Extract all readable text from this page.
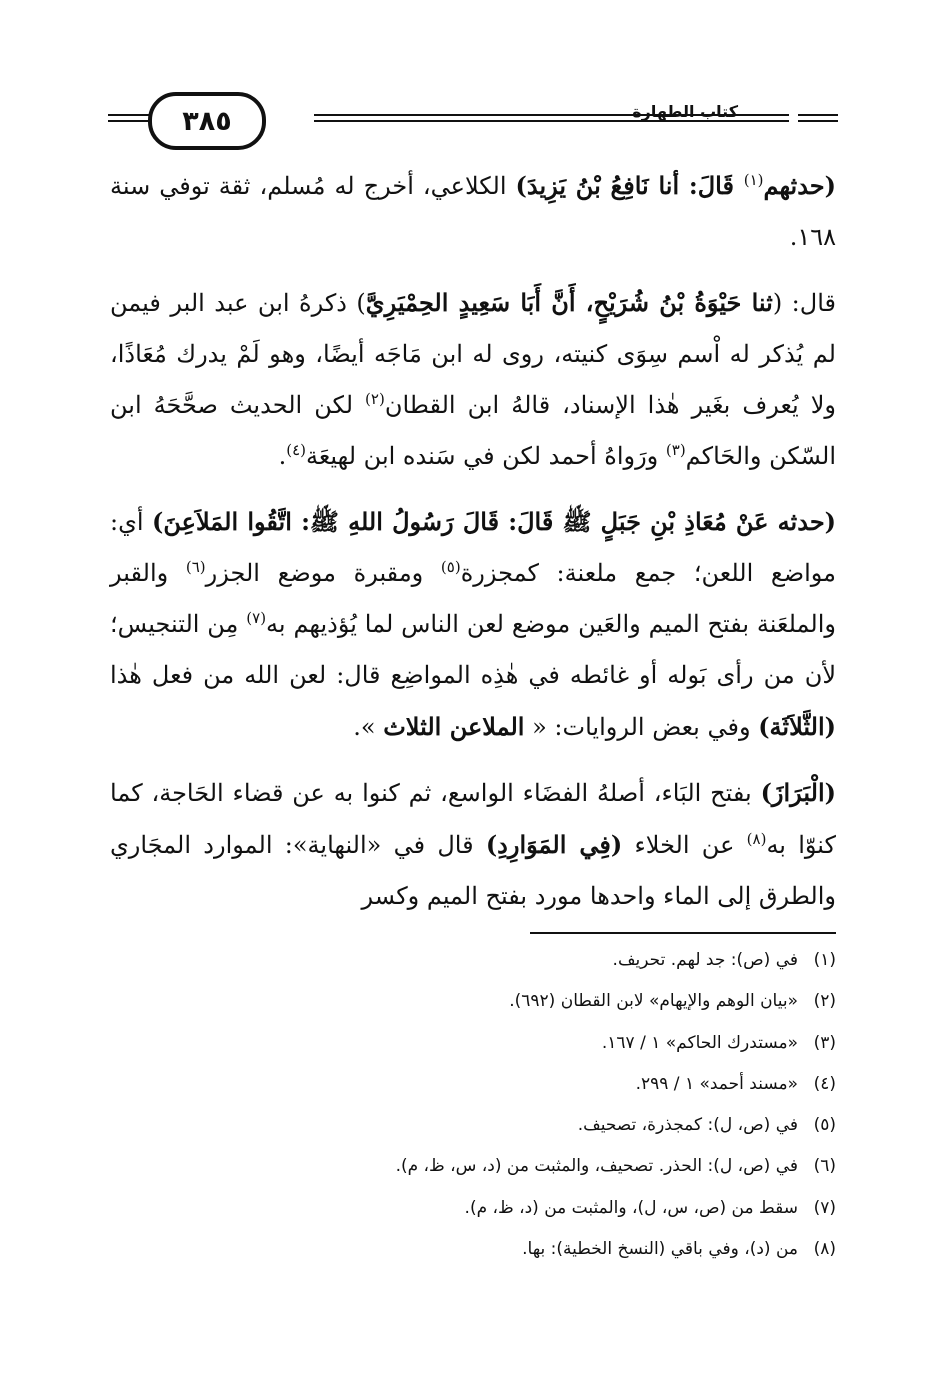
٣٨٥	كتاب الطهارة

(حدثهم$^{(١)}$ قَالَ: أنا نَافِعُ بْنُ يَزِيدَ) الكلاعي، أخرج له مُسلم، ثقة توفي سنة ١٦٨.

قال: (ثنا حَيْوَةُ بْنُ شُرَيْحٍ، أَنَّ أَبَا سَعِيدٍ الحِمْيَرِيَّ) ذكرهُ ابن عبد البر فيمن لم يُذكر له اْسم سِوَى كنيته، روى له ابن مَاجَه أيضًا، وهو لَمْ يدرك مُعَاذًا، ولا يُعرف بغَير هٰذا الإسناد، قالهُ ابن القطان$^{(٢)}$ لكن الحديث صحَّحَهُ ابن السّكن والحَاكم$^{(٣)}$ ورَواهُ أحمد لكن في سَنده ابن لهيعَة$^{(٤)}$.

(حدثه عَنْ مُعَاذِ بْنِ جَبَلٍ ﷺ قَالَ: قَالَ رَسُولُ اللهِ ﷺ: اتَّقُوا المَلاَعِنَ) أي: مواضع اللعن؛ جمع ملعنة: كمجزرة$^{(٥)}$ ومقبرة موضع الجزر$^{(٦)}$ والقبر والملعَنة بفتح الميم والعَين موضع لعن الناس لما يُؤذيهم به$^{(٧)}$ مِن التنجيس؛ لأن من رأى بَوله أو غائطه في هٰذِه المواضِع قال: لعن الله من فعل هٰذا (الثَّلاَثَة) وفي بعض الروايات: « الملاعن الثلاث ».

(الْبَرَازَ) بفتح البَاء، أصلهُ الفضَاء الواسع، ثم كنوا به عن قضاء الحَاجة، كما كنوّا به$^{(٨)}$ عن الخلاء (فِي المَوَارِدِ) قال في «النهاية»: الموارد المجَاري والطرق إلى الماء واحدها مورد بفتح الميم وكسر

(١)في (ص): جد لهم. تحريف.
(٢)«بيان الوهم والإيهام» لابن القطان (٦٩٢).
(٣)«مستدرك الحاكم» ١ / ١٦٧.
(٤)«مسند أحمد» ١ / ٢٩٩.
(٥)في (ص، ل): كمجذرة، تصحيف.
(٦)في (ص، ل): الحذر. تصحيف، والمثبت من (د، س، ظ، م).
(٧)سقط من (ص، س، ل)، والمثبت من (د، ظ، م).
(٨)من (د)، وفي باقي (النسخ الخطية): بها.
